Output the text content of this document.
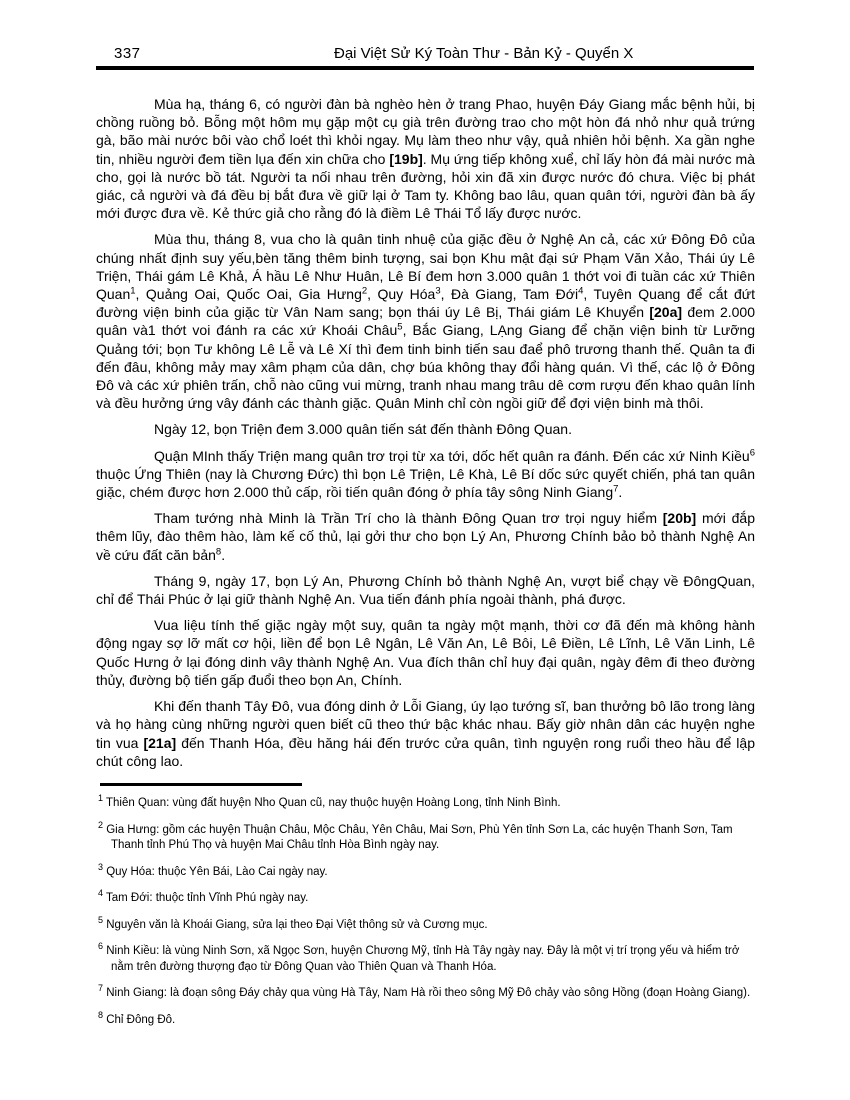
337	Đại Việt Sử Ký Toàn Thư - Bản Kỷ - Quyển X

Mùa hạ, tháng 6, có người đàn bà nghèo hèn ở trang Phao, huyện Đáy Giang mắc bệnh hủi, bị chồng ruồng bỏ. Bỗng một hôm mụ gặp một cụ già trên đường trao cho một hòn đá nhỏ như quả trứng gà, bão mài nước bôi vào chổ loét thì khỏi ngay. Mụ làm theo như vậy, quả nhiên hỏi bệnh. Xa gần nghe tin, nhiều người đem tiền lụa đến xin chữa cho [19b]. Mụ ứng tiếp không xuể, chỉ lấy hòn đá mài nước mà cho, gọi là nước bồ tát. Người ta nối nhau trên đường, hỏi xin đã xin được nước đó chưa. Việc bị phát giác, cả người và đá đều bị bắt đưa về giữ lại ở Tam ty. Không bao lâu, quan quân tới, người đàn bà ấy mới được đưa về. Kẻ thức giả cho rằng đó là điềm Lê Thái Tổ lấy được nước.

Mùa thu, tháng 8, vua cho là quân tinh nhuệ của giặc đều ở Nghệ An cả, các xứ Đông Đô của chúng nhất định suy yếu,bèn tăng thêm binh tượng, sai bọn Khu mật đại sứ Phạm Văn Xảo, Thái úy Lê Triện, Thái gám Lê Khả, Á hầu Lê Như Huân, Lê Bí đem hơn 3.000 quân 1 thớt voi đi tuần các xứ Thiên Quan$^1$, Quảng Oai, Quốc Oai, Gia Hưng$^2$, Quy Hóa$^3$, Đà Giang, Tam Đới$^4$, Tuyên Quang để cắt đứt đường viện binh của giặc từ Vân Nam sang; bọn thái úy Lê Bị, Thái giám Lê Khuyển [20a] đem 2.000 quân và1 thớt voi đánh ra các xứ Khoái Châu$^5$, Bắc Giang, LẠng Giang để chặn viện binh từ Lưỡng Quảng tới; bọn Tư không Lê Lễ và Lê Xí thì đem tinh binh tiến sau đaể phô trương thanh thế. Quân ta đi đến đâu, không mảy may xâm phạm của dân, chợ búa không thay đổi hàng quán. Vì thế, các lộ ở Đông Đô và các xứ phiên trấn, chỗ nào cũng vui mừng, tranh nhau mang trâu dê cơm rượu đến khao quân lính và đều hưởng ứng vây đánh các thành giặc. Quân Minh chỉ còn ngồi giữ để đợi viện binh mà thôi.

Ngày 12, bọn Triện đem 3.000 quân tiến sát đến thành Đông Quan.

Quận MInh thấy Triện mang quân trơ trọi từ xa tới, dốc hết quân ra đánh. Đến các xứ Ninh Kiều$^6$ thuộc Ứng Thiên (nay là Chương Đức) thì bọn Lê Triện, Lê Khà, Lê Bí dốc sức quyết chiến, phá tan quân giặc, chém được hơn 2.000 thủ cấp, rồi tiến quân đóng ở phía tây sông Ninh Giang$^7$.

Tham tướng nhà Minh là Trần Trí cho là thành Đông Quan trơ trọi nguy hiểm [20b] mới đắp thêm lũy, đào thêm hào, làm kế cố thủ, lại gởi thư cho bọn Lý An, Phương Chính bảo bỏ thành Nghệ An về cứu đất căn bản$^8$.

Tháng 9, ngày 17, bọn Lý An, Phương Chính bỏ thành Nghệ An, vượt biể chạy về ĐôngQuan, chỉ để Thái Phúc ở lại giữ thành Nghệ An. Vua tiến đánh phía ngoài thành, phá được.

Vua liệu tính thế giặc ngày một suy, quân ta ngày một mạnh, thời cơ đã đến mà không hành động ngay sợ lỡ mất cơ hội, liền để bọn Lê Ngân, Lê Văn An, Lê Bôi, Lê Điền, Lê Lĩnh, Lê Văn Linh, Lê Quốc Hưng ở lại đóng dinh vây thành Nghệ An. Vua đích thân chỉ huy đại quân, ngày đêm đi theo đường thủy, đường bộ tiến gấp đuổi theo bọn An, Chính.

Khi đến thanh Tây Đô, vua đóng dinh ở Lỗi Giang, úy lạo tướng sĩ, ban thưởng bô lão trong làng và họ hàng cùng những người quen biết cũ theo thứ bậc khác nhau. Bấy giờ nhân dân các huyện nghe tin vua [21a] đến Thanh Hóa, đều hăng hái đến trước cửa quân, tình nguyện rong ruổi theo hầu để lập chút công lao.

$^1$ Thiên Quan: vùng đất huyện Nho Quan cũ, nay thuộc huyện Hoàng Long, tỉnh Ninh Bình.
$^2$ Gia Hưng: gồm các huyện Thuận Châu, Mộc Châu, Yên Châu, Mai Sơn, Phù Yên tỉnh Sơn La, các huyện Thanh Sơn, Tam Thanh tỉnh Phú Thọ và huyện Mai Châu tỉnh Hòa Bình ngày nay.
$^3$ Quy Hóa: thuộc Yên Bái, Lào Cai ngày nay.
$^4$ Tam Đới: thuộc tỉnh Vĩnh Phú ngày nay.
$^5$ Nguyên văn là Khoái Giang, sửa lại theo Đại Việt thông sử và Cương mục.
$^6$ Ninh Kiều: là vùng Ninh Sơn, xã Ngọc Sơn, huyện Chương Mỹ, tỉnh Hà Tây ngày nay. Đây là một vị trí trọng yếu và hiểm trở nằm trên đường thượng đạo từ Đông Quan vào Thiên Quan và Thanh Hóa.
$^7$ Ninh Giang: là đoạn sông Đáy chảy qua vùng Hà Tây, Nam Hà rồi theo sông Mỹ Đô chảy vào sông Hồng (đoạn Hoàng Giang).
$^8$ Chỉ Đông Đô.
